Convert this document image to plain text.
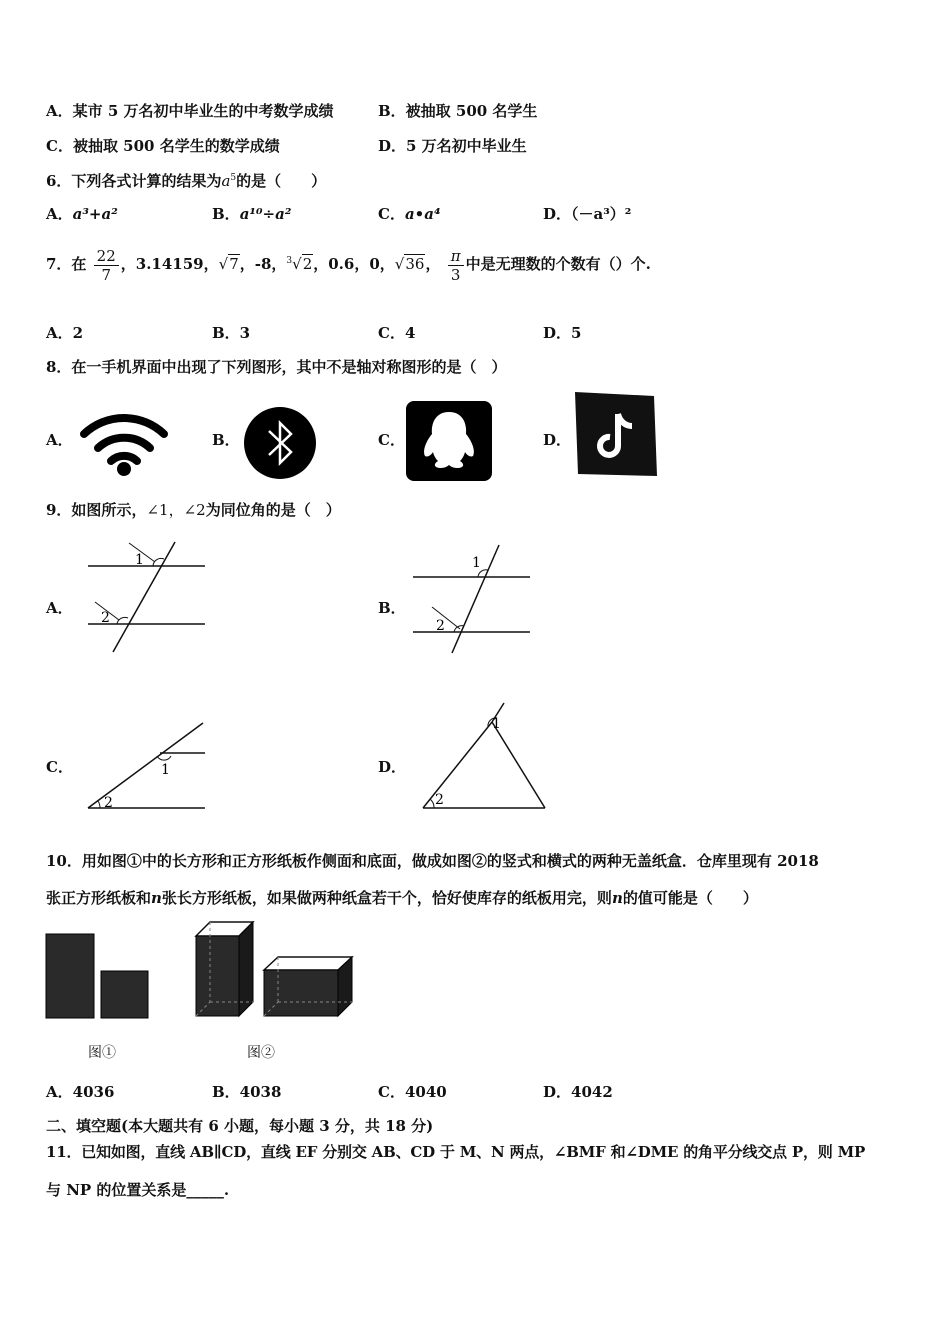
A．某市 5 万名初中毕业生的中考数学成绩	B．被抽取 500 名学生
C．被抽取 500 名学生的数学成绩	D．5 万名初中毕业生
6．下列各式计算的结果为$a^5$的是（　　）
A．a³+a²	B．a¹⁰÷a²	C．a•a⁴	D．（－a³）²
7．在 $\frac{22}{7}$ ，3.14159，√7，-8，$^3$√2，0.6，0，√36， $\frac{\pi}{3}$ 中是无理数的个数有（）个.
A．2	B．3	C．4	D．5
8．在一手机界面中出现了下列图形，其中不是轴对称图形的是（　）
A．	B．	C．	D．
9．如图所示，∠1，∠2为同位角的是（　）
A．
1
2
B．
1
2
C．	1
2
D．
1
2
10．用如图①中的长方形和正方形纸板作侧面和底面，做成如图②的竖式和横式的两种无盖纸盒．仓库里现有 2018
张正方形纸板和n张长方形纸板，如果做两种纸盒若干个，恰好使库存的纸板用完，则n的值可能是（　　）
图①	图②
A．4036	B．4038	C．4040	D．4042
二、填空题(本大题共有 6 小题，每小题 3 分，共 18 分)
11．已知如图，直线 AB∥CD，直线 EF 分别交 AB、CD 于 M、N 两点，∠BMF 和∠DME 的角平分线交点 P，则 MP
与 NP 的位置关系是_____.
